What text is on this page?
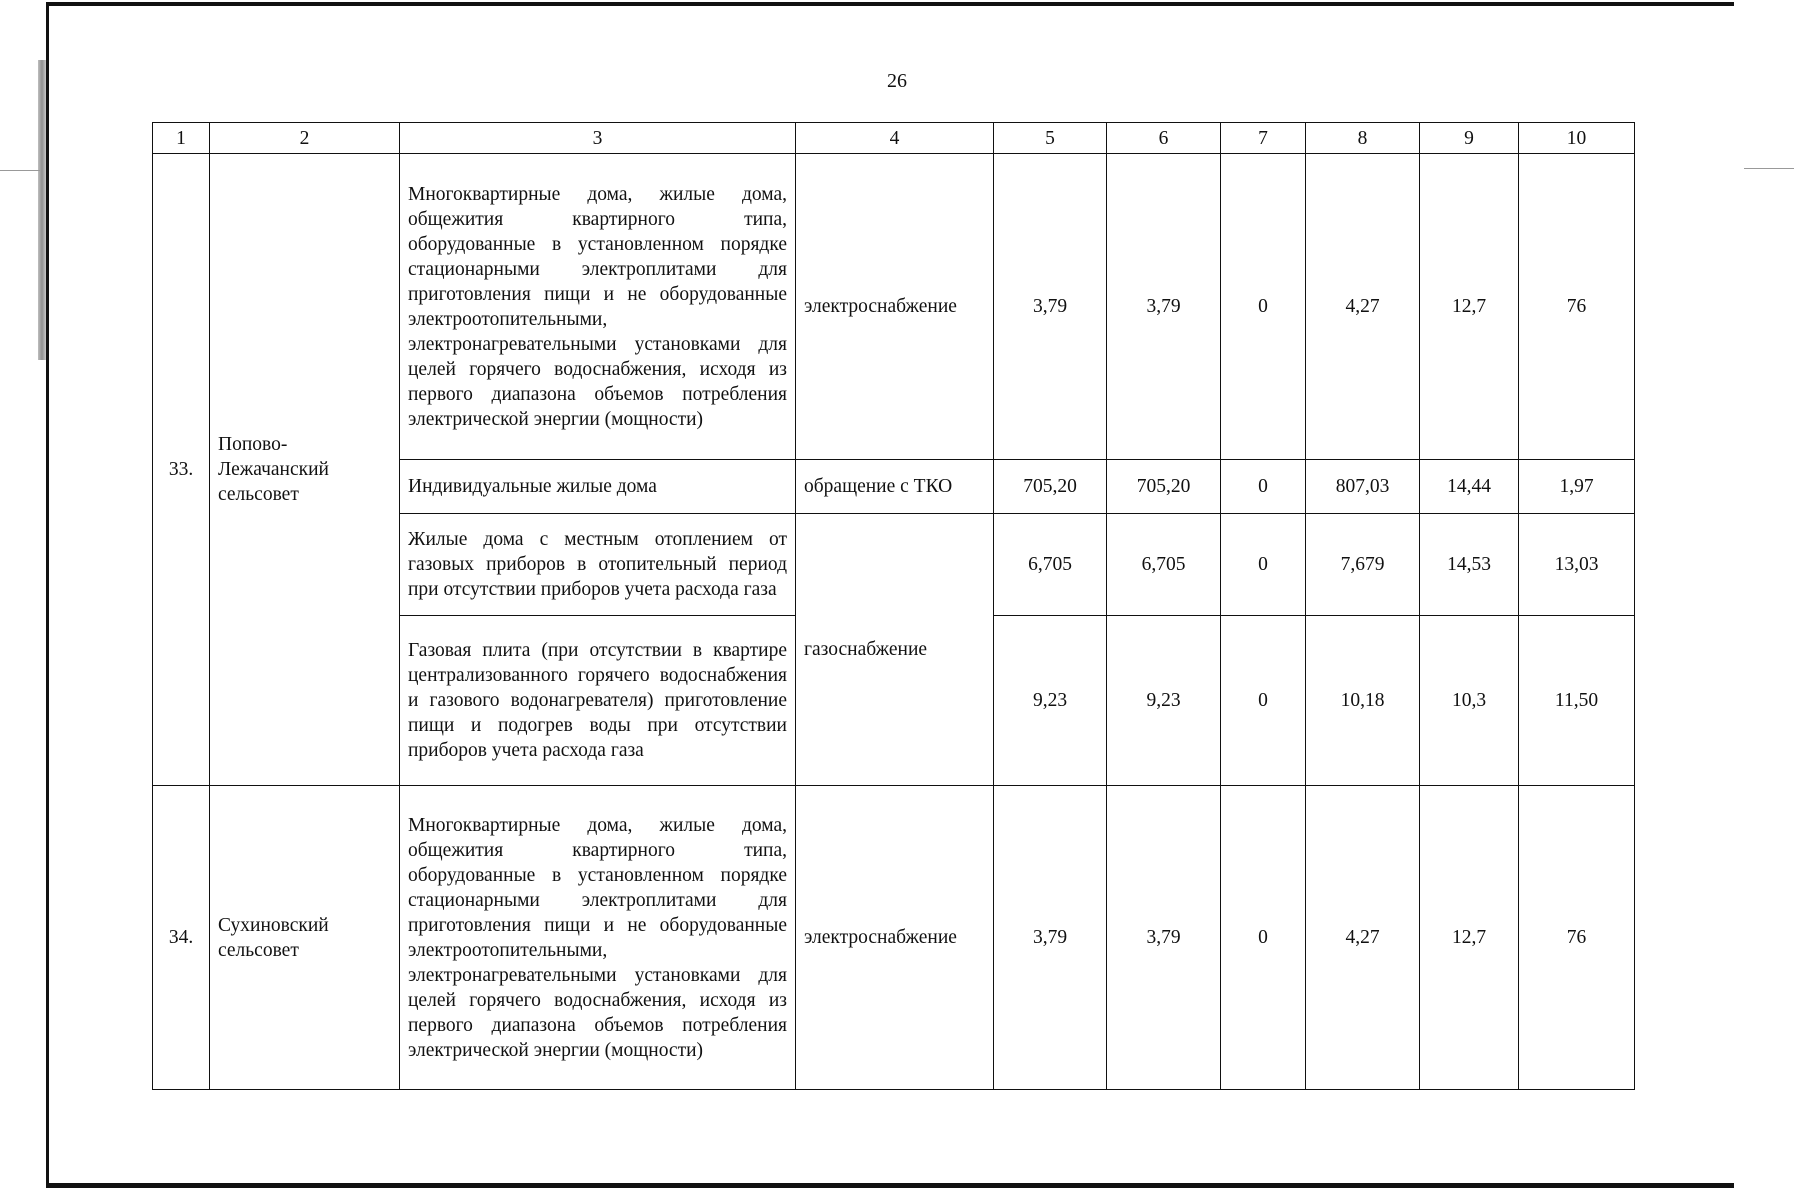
26
1	2	3	4	5	6	7	8	9	10
33.	Попово-Лежачанский сельсовет	Многоквартирные дома, жилые дома, общежития квартирного типа, оборудованные в установленном порядке стационарными электроплитами для приготовления пищи и не оборудованные электроотопительными, электронагревательными установками для целей горячего водоснабжения, исходя из первого диапазона объемов потребления электрической энергии (мощности)	электроснабжение	3,79	3,79	0	4,27	12,7	76
		Индивидуальные жилые дома	обращение с ТКО	705,20	705,20	0	807,03	14,44	1,97
		Жилые дома с местным отоплением от газовых приборов в отопительный период при отсутствии приборов учета расхода газа	газоснабжение	6,705	6,705	0	7,679	14,53	13,03
		Газовая плита (при отсутствии в квартире централизованного горячего водоснабжения и газового водонагревателя) приготовление пищи и подогрев воды при отсутствии приборов учета расхода газа		9,23	9,23	0	10,18	10,3	11,50
34.	Сухиновский сельсовет	Многоквартирные дома, жилые дома, общежития квартирного типа, оборудованные в установленном порядке стационарными электроплитами для приготовления пищи и не оборудованные электроотопительными, электронагревательными установками для целей горячего водоснабжения, исходя из первого диапазона объемов потребления электрической энергии (мощности)	электроснабжение	3,79	3,79	0	4,27	12,7	76
